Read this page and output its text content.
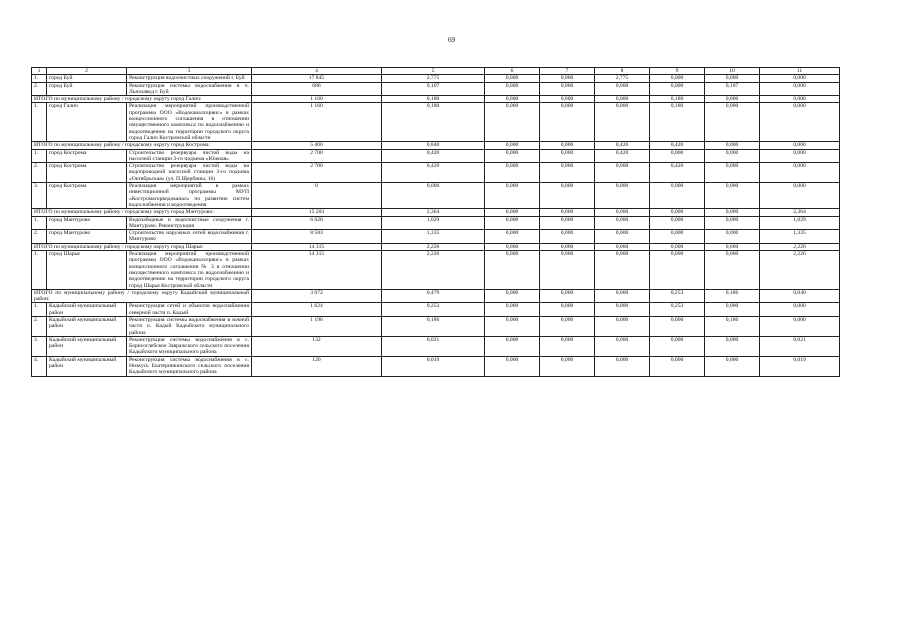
69
1	2	3	4	5	6	7	8	9	10	11
1.	город Буй	Реконструкция водоочистных сооружений г. Буй	17 845	2,775	0,000	0,000	2,775	0,000	0,000	0,000
2.	город Буй	Реконструкция системы водоснабжения в п. Льнозавод г. Буй	686	0,107	0,000	0,000	0,000	0,000	0,107	0,000
ИТОГО по муниципальному району / городскому округу город Галич:			1 160	0,180	0,000	0,000	0,000	0,180	0,000	0,000
1.	город Галич	Реализация мероприятий производственной программы ООО «Водоканалсервис» в рамках концессионного соглашения в отношении имущественного комплекса по водоснабжению и водоотведению на территории городского округа город Галич Костромской области	1 160	0,180	0,000	0,000	0,000	0,180	0,000	0,000
ИТОГО по муниципальному району / городскому округу город Кострома:			5 400	0,840	0,000	0,000	0,420	0,420	0,000	0,000
1.	город Кострома	Строительство резервуара чистой воды на насосной станции 3-го подъема «Южная»	2 700	0,420	0,000	0,000	0,420	0,000	0,000	0,000
2.	город Кострома	Строительство резервуара чистой воды на водопроводной насосной станции 3-го подъема «Октябрьская» (ул. П.Щербины, 16)	2 700	0,420	0,000	0,000	0,000	0,420	0,000	0,000
3.	город Кострома	Реализация мероприятий в рамках инвестиционной программы МУП «Костромагорводоканал» по развитию систем водоснабжения и водоотведения	0	0,000	0,000	0,000	0,000	0,000	0,000	0,000
ИТОГО по муниципальному району / городскому округу город Мантурово:			15 203	2,364	0,000	0,000	0,000	0,000	0,000	2,364
1.	город Мантурово	Водозаборные и водоочистные сооружения г. Мантурово. Реконструкция	6 620	1,029	0,000	0,000	0,000	0,000	0,000	1,029
2.	город Мантурово	Строительство наружных сетей водоснабжения г. Мантурово	8 583	1,335	0,000	0,000	0,000	0,000	0,000	1,335
ИТОГО по муниципальному району / городскому округу город Шарья:			14 315	2,226	0,000	0,000	0,000	0,000	0,000	2,226
1.	город Шарья	Реализация мероприятий производственной программы ООО «Водоканалсервис» в рамках концессионного соглашения № 3 в отношении имущественного комплекса по водоснабжению и водоотведению на территории городского округа город Шарья Костромской области	14 315	2,226	0,000	0,000	0,000	0,000	0,000	2,226
ИТОГО по муниципальному району / городскому округу Кадыйский муниципальный район:			3 072	0,479	0,000	0,000	0,000	0,253	0,186	0,040
1.	Кадыйский муниципальный район	Реконструкция сетей и объектов водоснабжения северной части п. Кадый	1 624	0,253	0,000	0,000	0,000	0,253	0,000	0,000
2.	Кадыйский муниципальный район	Реконструкция системы водоснабжения в южной части п. Кадый Кадыйского муниципального района	1 196	0,186	0,000	0,000	0,000	0,000	0,186	0,000
3.	Кадыйский муниципальный район	Реконструкция системы водоснабжения в с. Борисоглебское Завражского сельского поселения Кадыйского муниципального района	132	0,021	0,000	0,000	0,000	0,000	0,000	0,021
4.	Кадыйский муниципальный район	Реконструкция системы водоснабжения в с. Низкусь Екатеринкинского сельского поселения Кадыйского муниципального района	120	0,019	0,000	0,000	0,000	0,000	0,000	0,019
